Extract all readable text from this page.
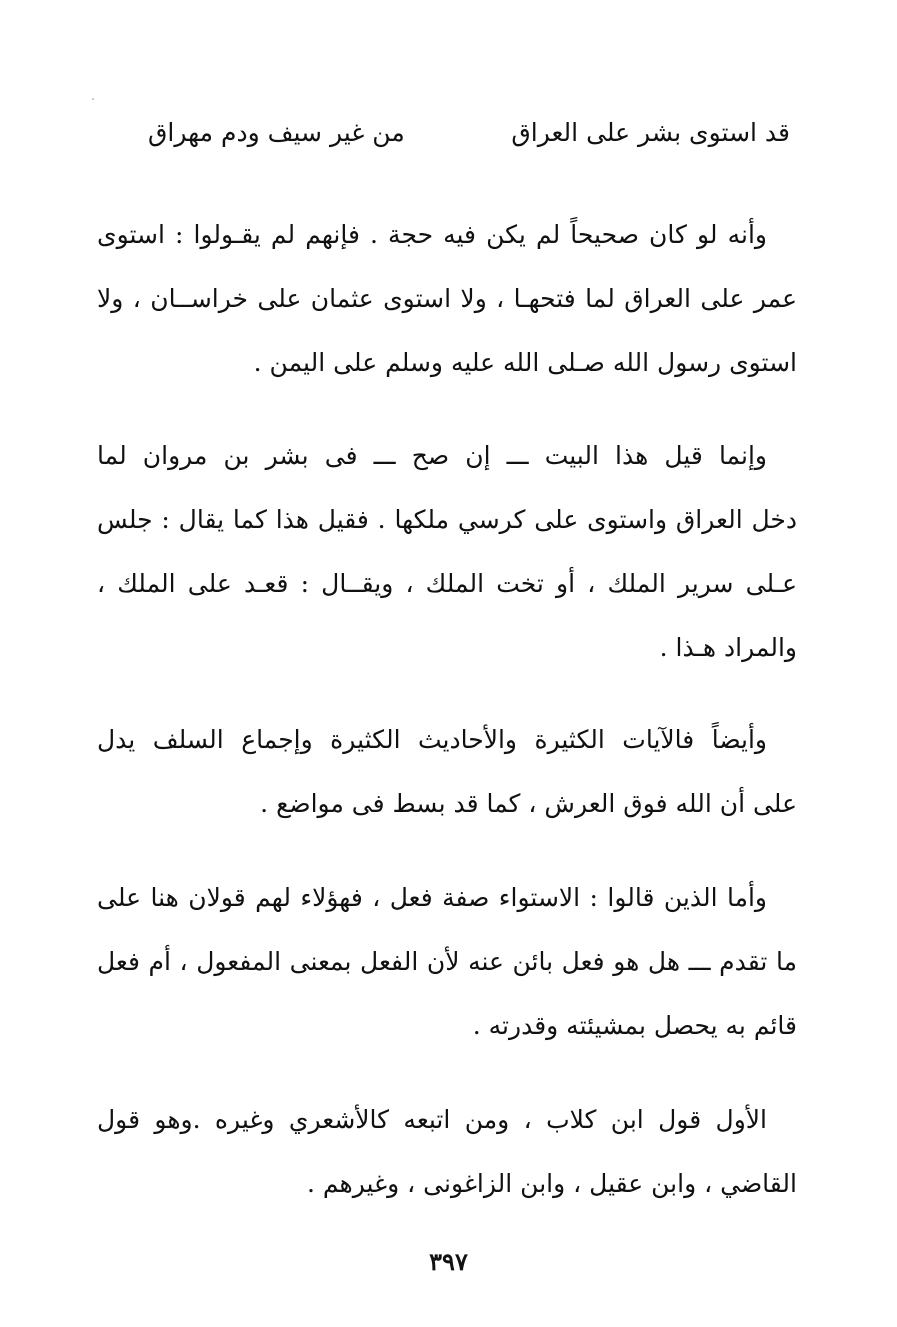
قد استوى بشر على العراق
من غير سيف ودم مهراق

وأنه لو كان صحيحاً لم يكن فيه حجة . فإنهم لم يقـولوا : استوى
عمر على العراق لما فتحهـا ، ولا استوى عثمان على خراســان ، ولا
استوى رسول الله صـلى الله عليه وسلم على اليمن .

وإنما قيل هذا البيت ـــ إن صح ـــ فى بشر بن مروان لما
دخل العراق واستوى على كرسي ملكها . فقيل هذا كما يقال : جلس
عـلى سرير الملك ، أو تخت الملك ، ويقــال : قعـد على الملك ،
والمراد هـذا .

وأيضاً فالآيات الكثيرة والأحاديث الكثيرة وإجماع السلف يدل
على أن الله فوق العرش ، كما قد بسط فى مواضع .

وأما الذين قالوا : الاستواء صفة فعل ، فهؤلاء لهم قولان هنا على
ما تقدم ـــ هل هو فعل بائن عنه لأن الفعل بمعنى المفعول ، أم فعل
قائم به يحصل بمشيئته وقدرته .

الأول قول ابن كلاب ، ومن اتبعه كالأشعري وغيره .وهو قول
القاضي ، وابن عقيل ، وابن الزاغونى ، وغيرهم .

٣٩٧
